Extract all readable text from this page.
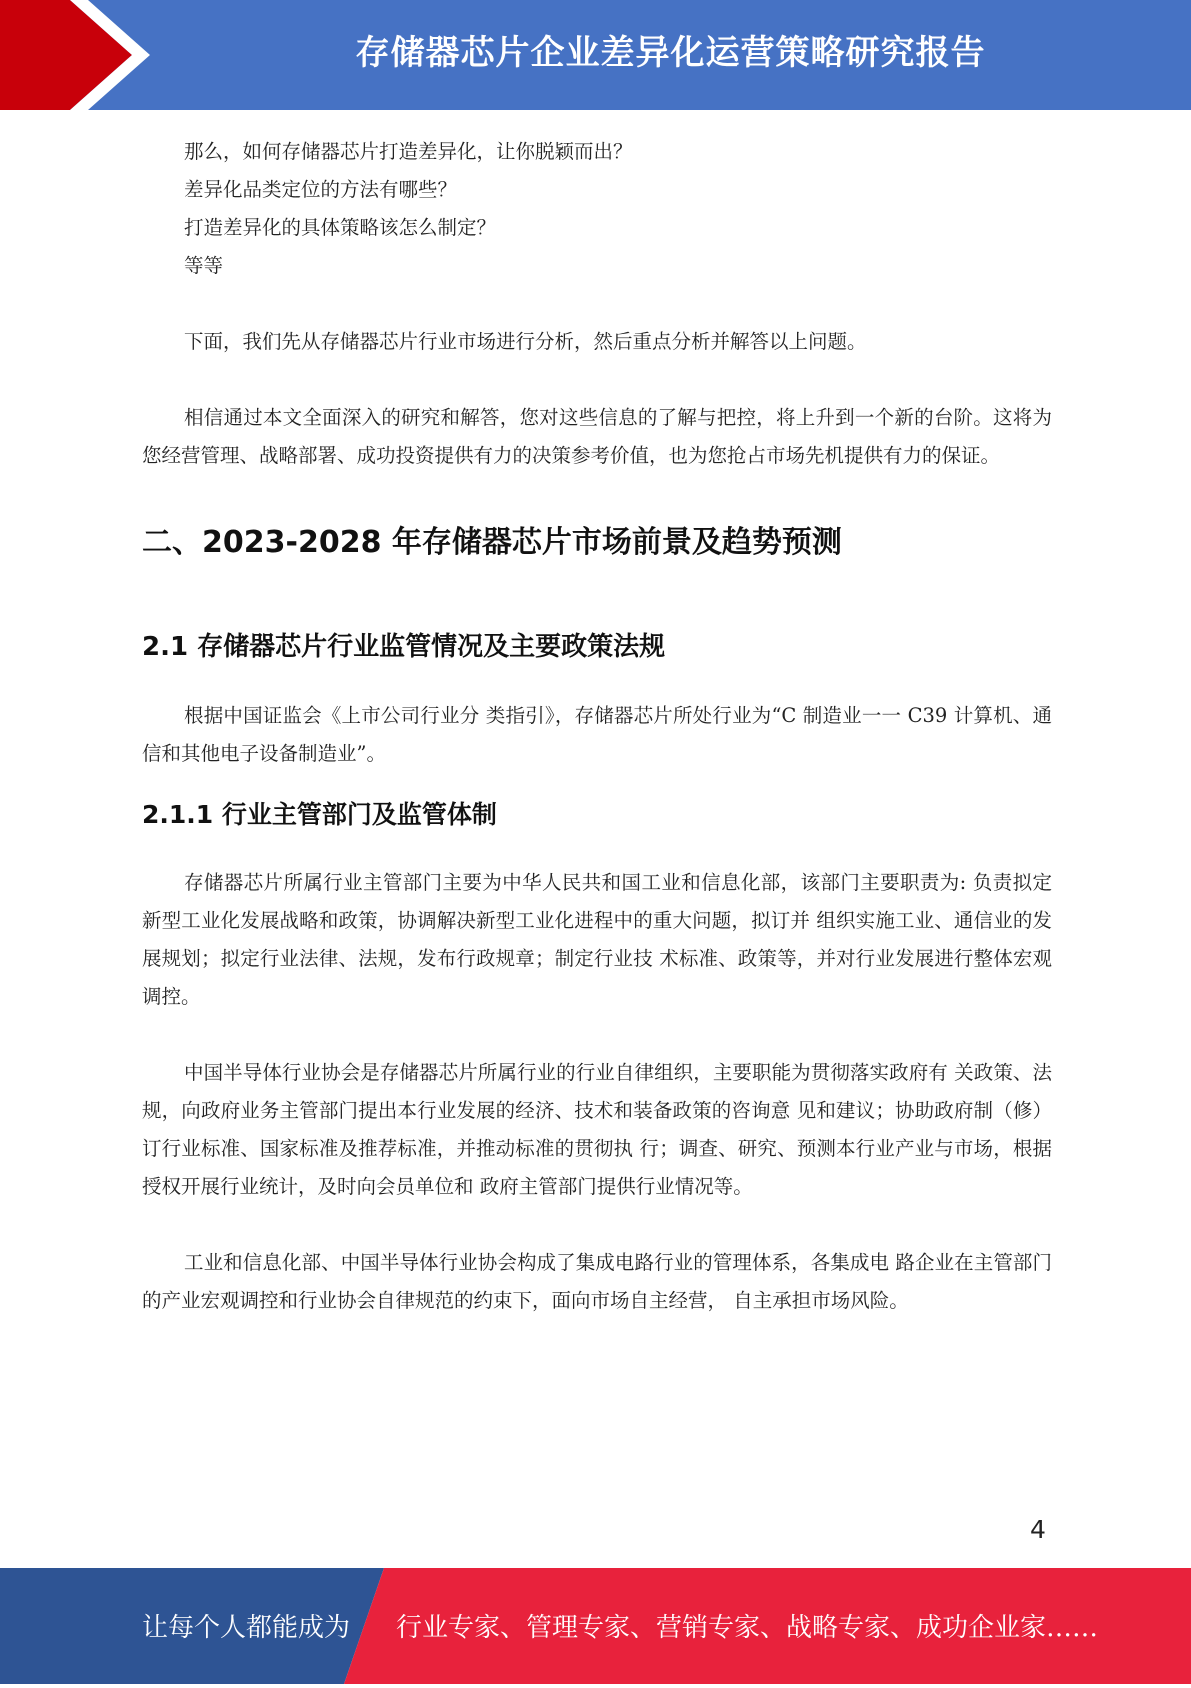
存储器芯片企业差异化运营策略研究报告
那么，如何存储器芯片打造差异化，让你脱颖而出？
差异化品类定位的方法有哪些？
打造差异化的具体策略该怎么制定？
等等
下面，我们先从存储器芯片行业市场进行分析，然后重点分析并解答以上问题。
相信通过本文全面深入的研究和解答，您对这些信息的了解与把控，将上升到一个新的台阶。这将为您经营管理、战略部署、成功投资提供有力的决策参考价值，也为您抢占市场先机提供有力的保证。
二、2023-2028 年存储器芯片市场前景及趋势预测
2.1 存储器芯片行业监管情况及主要政策法规
根据中国证监会《上市公司行业分 类指引》，存储器芯片所处行业为“C 制造业一一 C39 计算机、通信和其他电子设备制造业”。
2.1.1 行业主管部门及监管体制
存储器芯片所属行业主管部门主要为中华人民共和国工业和信息化部，该部门主要职责为: 负责拟定新型工业化发展战略和政策，协调解决新型工业化进程中的重大问题，拟订并 组织实施工业、通信业的发展规划；拟定行业法律、法规，发布行政规章；制定行业技 术标准、政策等，并对行业发展进行整体宏观调控。
中国半导体行业协会是存储器芯片所属行业的行业自律组织，主要职能为贯彻落实政府有 关政策、法规，向政府业务主管部门提出本行业发展的经济、技术和装备政策的咨询意 见和建议；协助政府制（修）订行业标准、国家标准及推荐标准，并推动标准的贯彻执 行；调查、研究、预测本行业产业与市场，根据授权开展行业统计，及时向会员单位和 政府主管部门提供行业情况等。
工业和信息化部、中国半导体行业协会构成了集成电路行业的管理体系，各集成电 路企业在主管部门的产业宏观调控和行业协会自律规范的约束下，面向市场自主经营， 自主承担市场风险。
4
让每个人都能成为 行业专家、管理专家、营销专家、战略专家、成功企业家……
